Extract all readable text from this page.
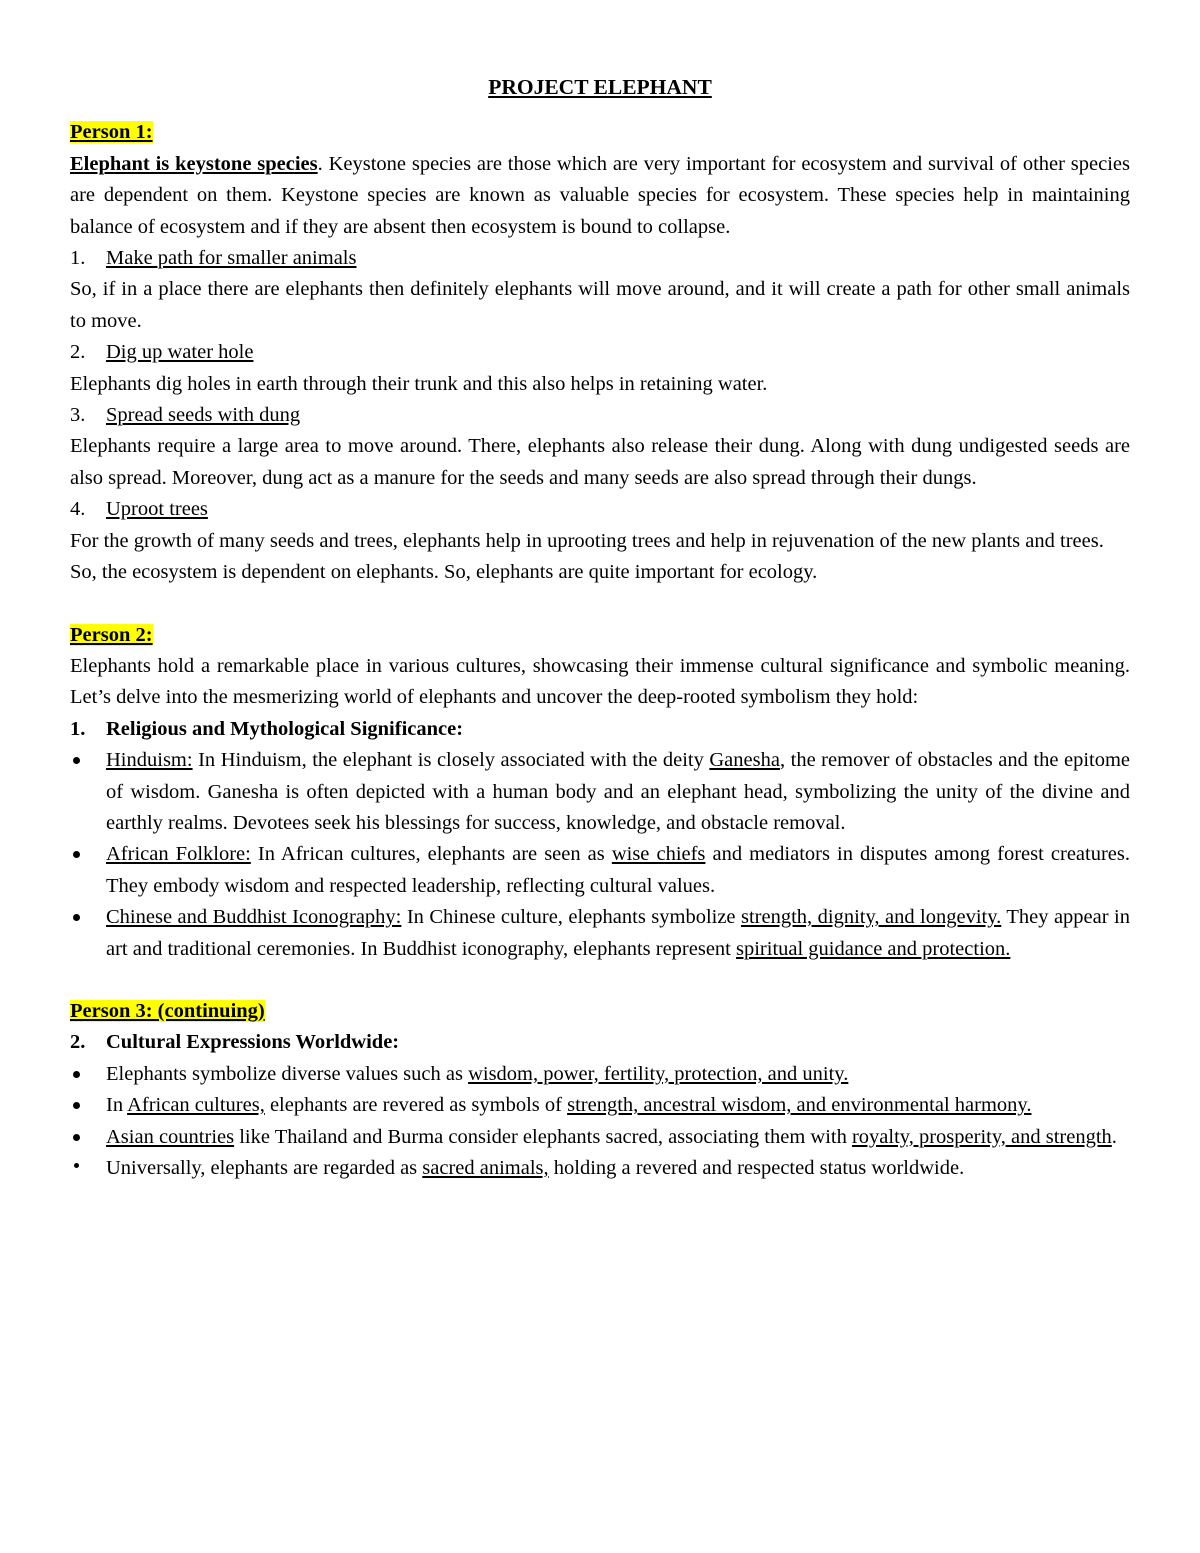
PROJECT ELEPHANT

Person 1:

Elephant is keystone species. Keystone species are those which are very important for ecosystem and survival of other species are dependent on them. Keystone species are known as valuable species for ecosystem. These species help in maintaining balance of ecosystem and if they are absent then ecosystem is bound to collapse.

1.	Make path for smaller animals

So, if in a place there are elephants then definitely elephants will move around, and it will create a path for other small animals to move.

2.	Dig up water hole

Elephants dig holes in earth through their trunk and this also helps in retaining water.

3.	Spread seeds with dung

Elephants require a large area to move around. There, elephants also release their dung. Along with dung undigested seeds are also spread. Moreover, dung act as a manure for the seeds and many seeds are also spread through their dungs.

4.	Uproot trees

For the growth of many seeds and trees, elephants help in uprooting trees and help in rejuvenation of the new plants and trees.

So, the ecosystem is dependent on elephants. So, elephants are quite important for ecology.

Person 2:

Elephants hold a remarkable place in various cultures, showcasing their immense cultural significance and symbolic meaning. Let’s delve into the mesmerizing world of elephants and uncover the deep-rooted symbolism they hold:

1.	Religious and Mythological Significance:
Hinduism: In Hinduism, the elephant is closely associated with the deity Ganesha, the remover of obstacles and the epitome of wisdom. Ganesha is often depicted with a human body and an elephant head, symbolizing the unity of the divine and earthly realms. Devotees seek his blessings for success, knowledge, and obstacle removal.
African Folklore: In African cultures, elephants are seen as wise chiefs and mediators in disputes among forest creatures. They embody wisdom and respected leadership, reflecting cultural values.
Chinese and Buddhist Iconography: In Chinese culture, elephants symbolize strength, dignity, and longevity. They appear in art and traditional ceremonies. In Buddhist iconography, elephants represent spiritual guidance and protection.

Person 3: (continuing)

2.	Cultural Expressions Worldwide:
Elephants symbolize diverse values such as wisdom, power, fertility, protection, and unity.
In African cultures, elephants are revered as symbols of strength, ancestral wisdom, and environmental harmony.
Asian countries like Thailand and Burma consider elephants sacred, associating them with royalty, prosperity, and strength.
Universally, elephants are regarded as sacred animals, holding a revered and respected status worldwide.
